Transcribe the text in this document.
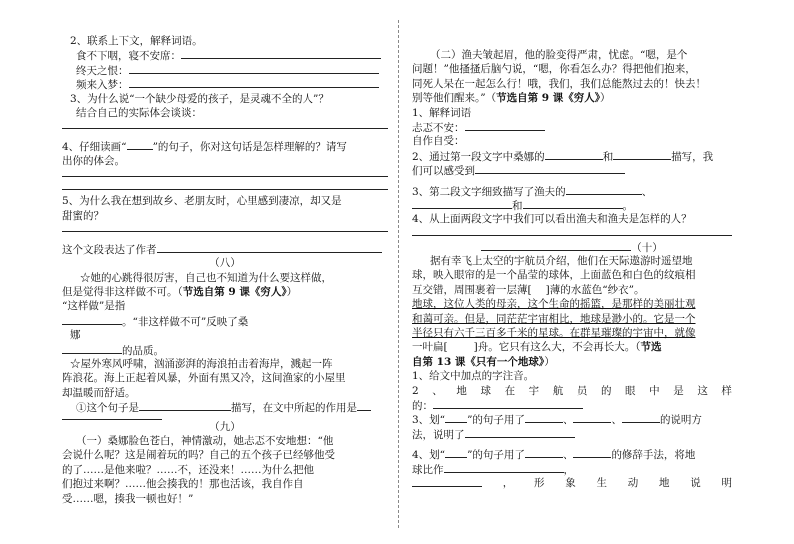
2、联系上下文，解释词语。
食不下咽，寝不安席：
终天之恨：
频来入梦：
3、为什么说“一个缺少母爱的孩子，是灵魂不全的人”？
结合自己的实际体会谈谈：
4、仔细读画“ ”的句子，你对这句话是怎样理解的？请写
出你的体会。
5、为什么我在想到故乡、老朋友时，心里感到凄凉，却又是
甜蜜的？
这个文段表达了作者
（八）
☆她的心跳得很厉害，自己也不知道为什么要这样做，
但是觉得非这样做不可。（节选自第 9 课《穷人》）
“这样做”是指
。“非这样做不可”反映了桑
娜
的品质。
☆屋外寒风呼啸，汹涌澎湃的海浪拍击着海岸，溅起一阵
阵浪花。海上正起着风暴，外面有黑又冷，这间渔家的小屋里
却温暖而舒适。
①这个句子是	描写，在文中所起的作用是
（九）
（一）桑娜脸色苍白，神情激动，她忐忑不安地想：“他
会说什么呢？这是闹着玩的吗？自己的五个孩子已经够他受
的了……是他来啦？……不，还没来！……为什么把他
们抱过来啊？……他会揍我的！那也活该，我自作自
受……嗯，揍我一顿也好！”
（二）渔夫皱起眉，他的脸变得严肃，忧虑。“嗯，是个
问题！”他搔搔后脑勺说，“嗯，你看怎么办？得把他们抱来，
同死人呆在一起怎么行！哦，我们，我们总能熬过去的！快去！
别等他们醒来。”（节选自第 9 课《穷人》）
1、解释词语
忐忑不安：
自作自受：
2、通过第一段文字中桑娜的	和	描写，我
们可以感受到
3、第二段文字细致描写了渔夫的	、
和	。
4、从上面两段文字中我们可以看出渔夫和渔夫是怎样的人？
（十）
据有幸飞上太空的宇航员介绍，他们在天际遨游时遥望地
球，映入眼帘的是一个晶莹的球体，上面蓝色和白色的纹痕相
互交错，周围裹着一层薄[ ]薄的水蓝色“纱衣”。
地球，这位人类的母亲，这个生命的摇篮，是那样的美丽壮观
和蔼可亲。但是，同茫茫宇宙相比，地球是渺小的。它是一个
半径只有六千三百多千米的星球。在群星璀璨的宇宙中，就像
一叶扁[ ]舟。它只有这么大，不会再长大。（节选
自第 13 课《只有一个地球》）
1、给文中加点的字注音。
2 、 地 球 在 宇 航 员 的 眼 中 是 这 样
的：
3、划“ ”的句子用了	、	、	的说明方
法，说明了
4、划“ ”的句子用了	、	的修辞手法，将地
球比作	，
， 形 象 生 动 地 说 明
